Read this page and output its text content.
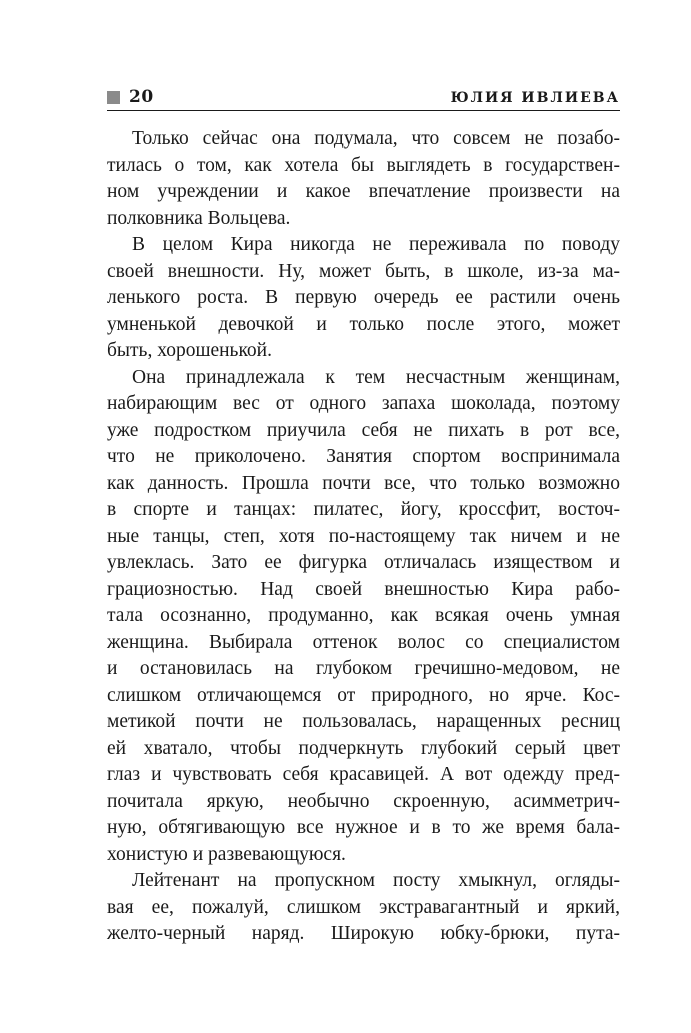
20	ЮЛИЯ ИВЛИЕВА

Только сейчас она подумала, что совсем не позабо-

тилась о том, как хотела бы выглядеть в государствен-

ном учреждении и какое впечатление произвести на

полковника Вольцева.

В целом Кира никогда не переживала по поводу

своей внешности. Ну, может быть, в школе, из-за ма-

ленького роста. В первую очередь ее растили очень

умненькой девочкой и только после этого, может

быть, хорошенькой.

Она принадлежала к тем несчастным женщинам,

набирающим вес от одного запаха шоколада, поэтому

уже подростком приучила себя не пихать в рот все,

что не приколочено. Занятия спортом воспринимала

как данность. Прошла почти все, что только возможно

в спорте и танцах: пилатес, йогу, кроссфит, восточ-

ные танцы, степ, хотя по-настоящему так ничем и не

увлеклась. Зато ее фигурка отличалась изяществом и

грациозностью. Над своей внешностью Кира рабо-

тала осознанно, продуманно, как всякая очень умная

женщина. Выбирала оттенок волос со специалистом

и остановилась на глубоком гречишно-медовом, не

слишком отличающемся от природного, но ярче. Кос-

метикой почти не пользовалась, наращенных ресниц

ей хватало, чтобы подчеркнуть глубокий серый цвет

глаз и чувствовать себя красавицей. А вот одежду пред-

почитала яркую, необычно скроенную, асимметрич-

ную, обтягивающую все нужное и в то же время бала-

хонистую и развевающуюся.

Лейтенант на пропускном посту хмыкнул, огляды-

вая ее, пожалуй, слишком экстравагантный и яркий,

желто-черный наряд. Широкую юбку-брюки, пута-
